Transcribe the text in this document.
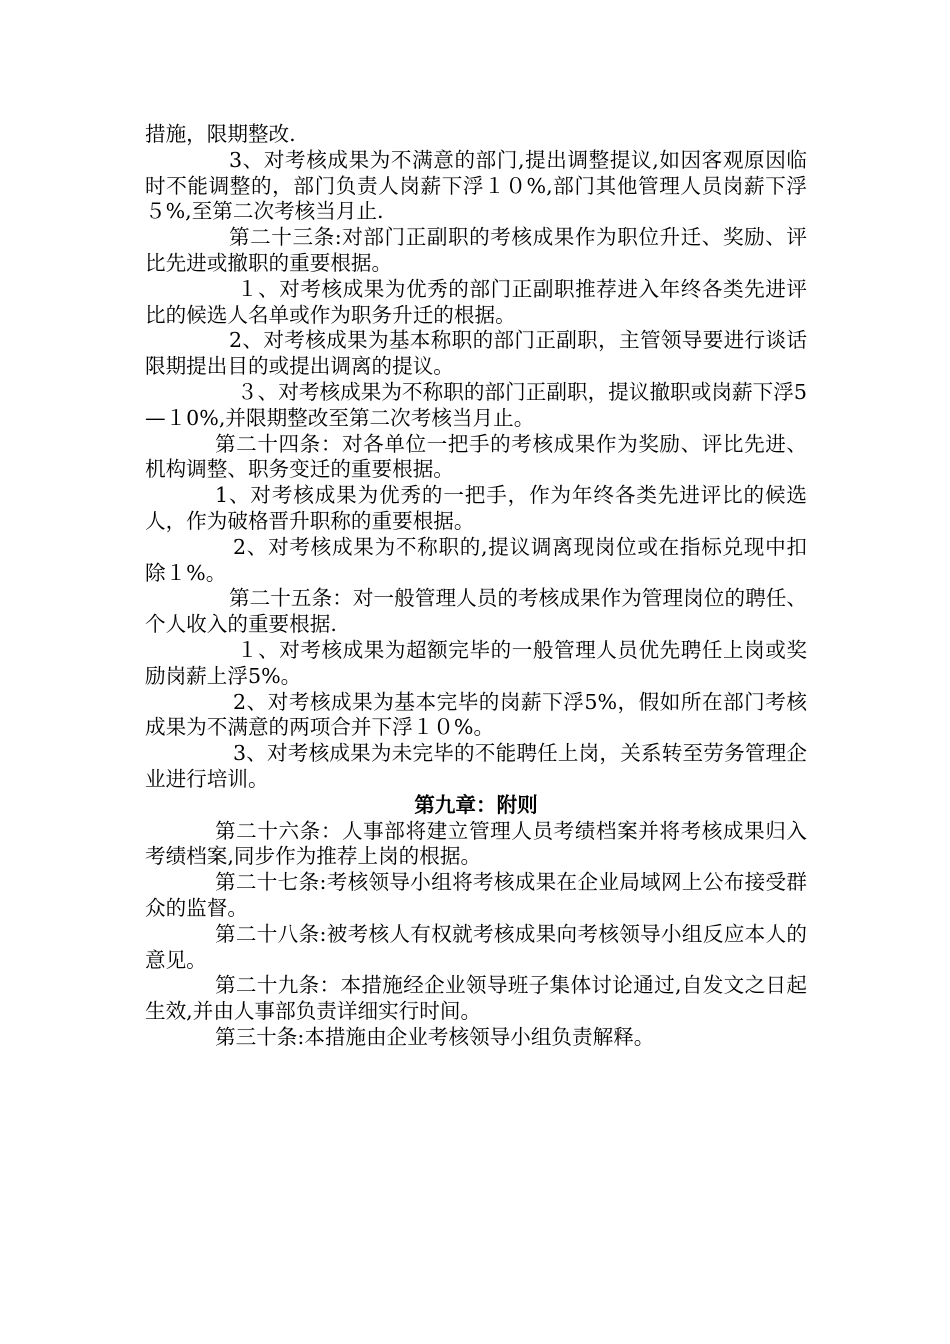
措施，限期整改.

3、对考核成果为不满意的部门,提出调整提议,如因客观原因临时不能调整的，部门负责人岗薪下浮１０%,部门其他管理人员岗薪下浮５%,至第二次考核当月止.

第二十三条:对部门正副职的考核成果作为职位升迁、奖励、评比先进或撤职的重要根据。

１、对考核成果为优秀的部门正副职推荐进入年终各类先进评比的候选人名单或作为职务升迁的根据。

2、对考核成果为基本称职的部门正副职，主管领导要进行谈话限期提出目的或提出调离的提议。

３、对考核成果为不称职的部门正副职，提议撤职或岗薪下浮5—１0%,并限期整改至第二次考核当月止。

第二十四条：对各单位一把手的考核成果作为奖励、评比先进、机构调整、职务变迁的重要根据。

1、对考核成果为优秀的一把手，作为年终各类先进评比的候选人，作为破格晋升职称的重要根据。

2、对考核成果为不称职的,提议调离现岗位或在指标兑现中扣除１%。

第二十五条：对一般管理人员的考核成果作为管理岗位的聘任、个人收入的重要根据.

１、对考核成果为超额完毕的一般管理人员优先聘任上岗或奖励岗薪上浮5%。

2、对考核成果为基本完毕的岗薪下浮5%，假如所在部门考核成果为不满意的两项合并下浮１０%。

3、对考核成果为未完毕的不能聘任上岗，关系转至劳务管理企业进行培训。

第九章：附则

第二十六条：人事部将建立管理人员考绩档案并将考核成果归入考绩档案,同步作为推荐上岗的根据。

第二十七条:考核领导小组将考核成果在企业局域网上公布接受群众的监督。

第二十八条:被考核人有权就考核成果向考核领导小组反应本人的意见。

第二十九条：本措施经企业领导班子集体讨论通过,自发文之日起生效,并由人事部负责详细实行时间。

第三十条:本措施由企业考核领导小组负责解释。
